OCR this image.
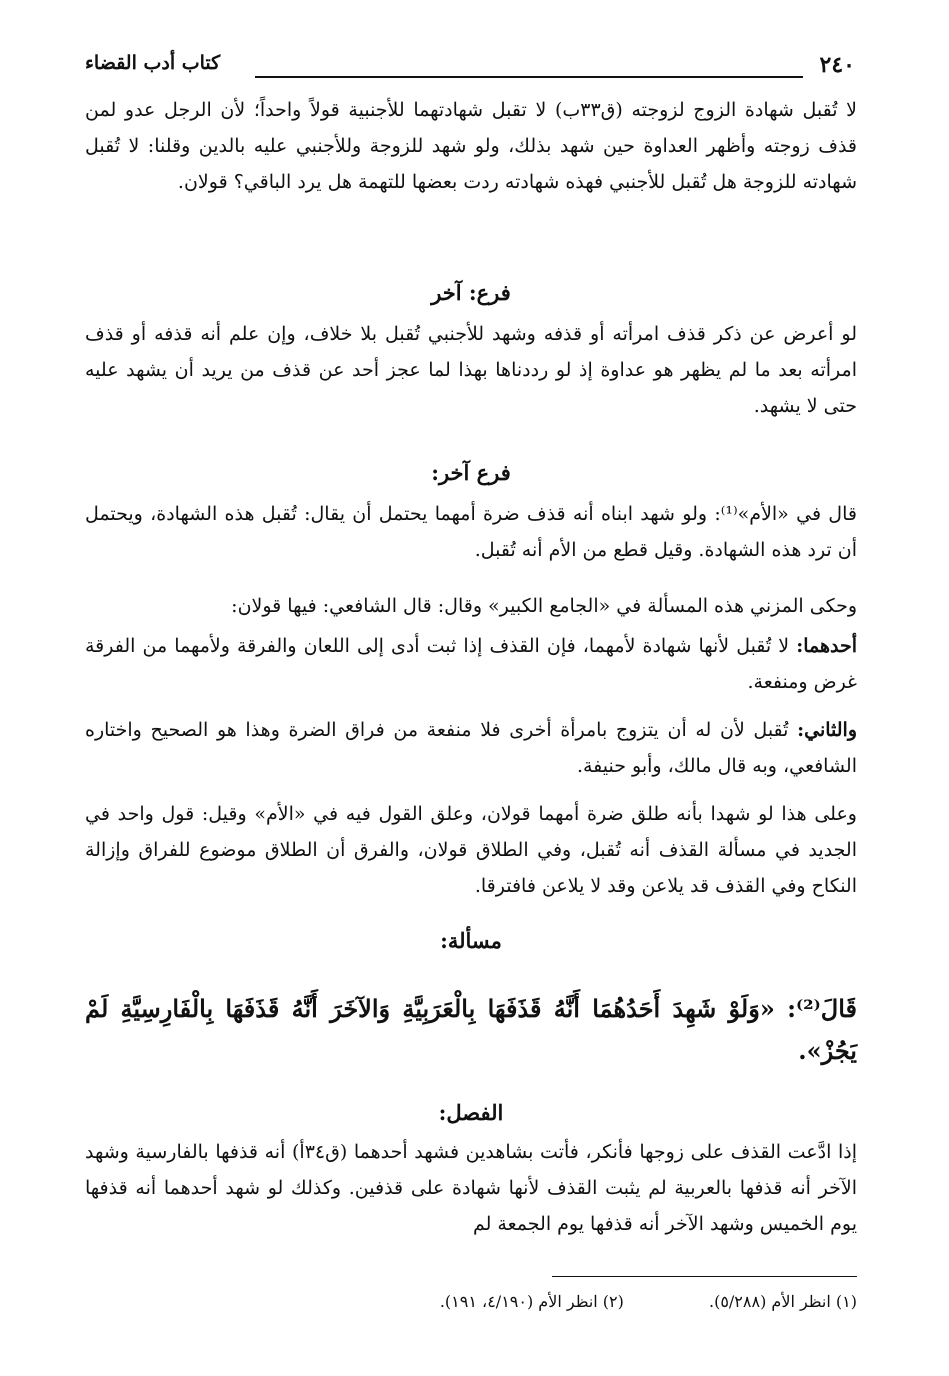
٢٤٠
كتاب أدب القضاء

لا تُقبل شهادة الزوج لزوجته (ق٣٣ب) لا تقبل شهادتهما للأجنبية قولاً واحداً؛ لأن الرجل عدو لمن قذف زوجته وأظهر العداوة حين شهد بذلك، ولو شهد للزوجة وللأجنبي عليه بالدين وقلنا: لا تُقبل شهادته للزوجة هل تُقبل للأجنبي فهذه شهادته ردت بعضها للتهمة هل يرد الباقي؟ قولان.

فرع: آخر

لو أعرض عن ذكر قذف امرأته أو قذفه وشهد للأجنبي تُقبل بلا خلاف، وإن علم أنه قذفه أو قذف امرأته بعد ما لم يظهر هو عداوة إذ لو رددناها بهذا لما عجز أحد عن قذف من يريد أن يشهد عليه حتى لا يشهد.

فرع آخر:

قال في «الأم»⁽¹⁾: ولو شهد ابناه أنه قذف ضرة أمهما يحتمل أن يقال: تُقبل هذه الشهادة، ويحتمل أن ترد هذه الشهادة. وقيل قطع من الأم أنه تُقبل.

وحكى المزني هذه المسألة في «الجامع الكبير» وقال: قال الشافعي: فيها قولان:

أحدهما: لا تُقبل لأنها شهادة لأمهما، فإن القذف إذا ثبت أدى إلى اللعان والفرقة ولأمهما من الفرقة غرض ومنفعة.

والثاني: تُقبل لأن له أن يتزوج بامرأة أخرى فلا منفعة من فراق الضرة وهذا هو الصحيح واختاره الشافعي، وبه قال مالك، وأبو حنيفة.

وعلى هذا لو شهدا بأنه طلق ضرة أمهما قولان، وعلق القول فيه في «الأم» وقيل: قول واحد في الجديد في مسألة القذف أنه تُقبل، وفي الطلاق قولان، والفرق أن الطلاق موضوع للفراق وإزالة النكاح وفي القذف قد يلاعن وقد لا يلاعن فافترقا.

مسألة:

قَالَ⁽²⁾: «وَلَوْ شَهِدَ أَحَدُهُمَا أَنَّهُ قَذَفَهَا بِالْعَرَبِيَّةِ وَالآخَرَ أَنَّهُ قَذَفَهَا بِالْفَارِسِيَّةِ لَمْ يَجُزْ».

الفصل:

إذا ادَّعت القذف على زوجها فأنكر، فأتت بشاهدين فشهد أحدهما (ق٣٤أ) أنه قذفها بالفارسية وشهد الآخر أنه قذفها بالعربية لم يثبت القذف لأنها شهادة على قذفين. وكذلك لو شهد أحدهما أنه قذفها يوم الخميس وشهد الآخر أنه قذفها يوم الجمعة لم

(١) انظر الأم (٥/٢٨٨). (٢) انظر الأم (٤/١٩٠، ١٩١).
